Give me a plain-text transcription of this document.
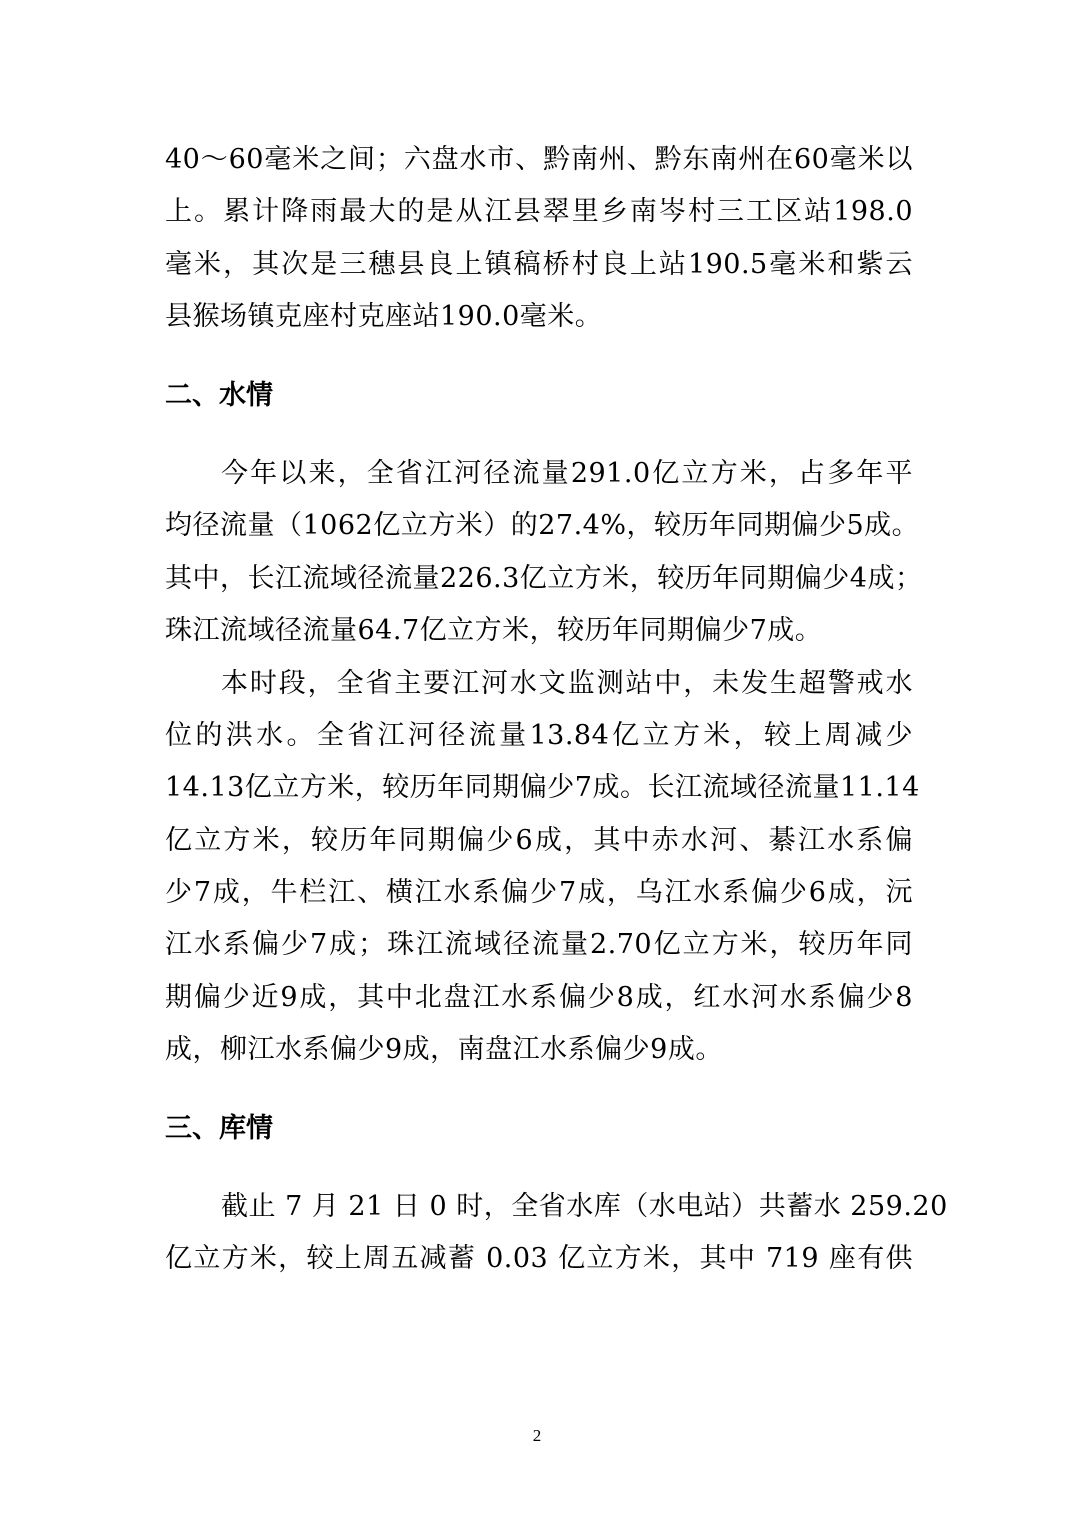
40～60毫米之间；六盘水市、黔南州、黔东南州在60毫米以
上。累计降雨最大的是从江县翠里乡南岑村三工区站198.0
毫米，其次是三穗县良上镇稿桥村良上站190.5毫米和紫云
县猴场镇克座村克座站190.0毫米。
二、水情
今年以来，全省江河径流量291.0亿立方米，占多年平
均径流量（1062亿立方米）的27.4%，较历年同期偏少5成。
其中，长江流域径流量226.3亿立方米，较历年同期偏少4成；
珠江流域径流量64.7亿立方米，较历年同期偏少7成。
本时段，全省主要江河水文监测站中，未发生超警戒水
位的洪水。全省江河径流量13.84亿立方米，较上周减少
14.13亿立方米，较历年同期偏少7成。长江流域径流量11.14
亿立方米，较历年同期偏少6成，其中赤水河、綦江水系偏
少7成，牛栏江、横江水系偏少7成，乌江水系偏少6成，沅
江水系偏少7成；珠江流域径流量2.70亿立方米，较历年同
期偏少近9成，其中北盘江水系偏少8成，红水河水系偏少8
成，柳江水系偏少9成，南盘江水系偏少9成。
三、库情
截止 7 月 21 日 0 时，全省水库（水电站）共蓄水 259.20
亿立方米，较上周五减蓄 0.03 亿立方米，其中 719 座有供
2
